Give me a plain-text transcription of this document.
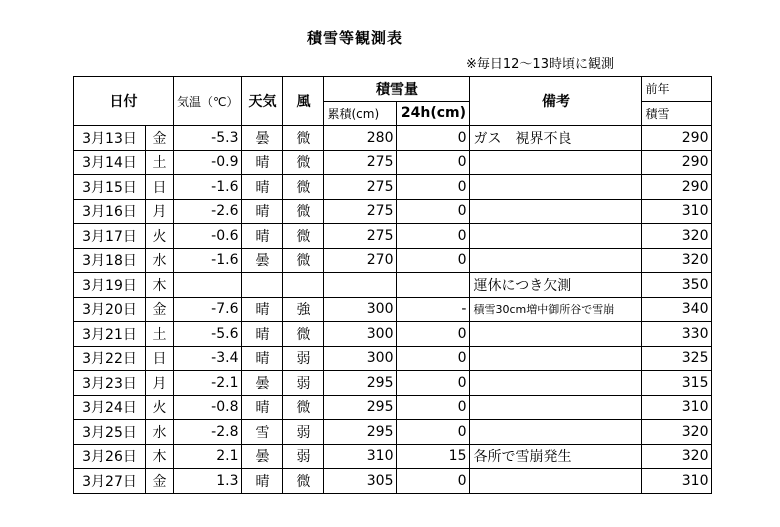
積雪等観測表
※毎日12～13時頃に観測
日付		気温（℃）	天気	風	積雪量		備考	前年
					累積(cm)	24h(cm)		積雪
3月13日	金	-5.3	曇	微	280	0	ガス　視界不良	290
3月14日	土	-0.9	晴	微	275	0		290
3月15日	日	-1.6	晴	微	275	0		290
3月16日	月	-2.6	晴	微	275	0		310
3月17日	火	-0.6	晴	微	275	0		320
3月18日	水	-1.6	曇	微	270	0		320
3月19日	木						運休につき欠測	350
3月20日	金	-7.6	晴	強	300	-	積雪30cm増中御所谷で雪崩	340
3月21日	土	-5.6	晴	微	300	0		330
3月22日	日	-3.4	晴	弱	300	0		325
3月23日	月	-2.1	曇	弱	295	0		315
3月24日	火	-0.8	晴	微	295	0		310
3月25日	水	-2.8	雪	弱	295	0		320
3月26日	木	2.1	曇	弱	310	15	各所で雪崩発生	320
3月27日	金	1.3	晴	微	305	0		310
